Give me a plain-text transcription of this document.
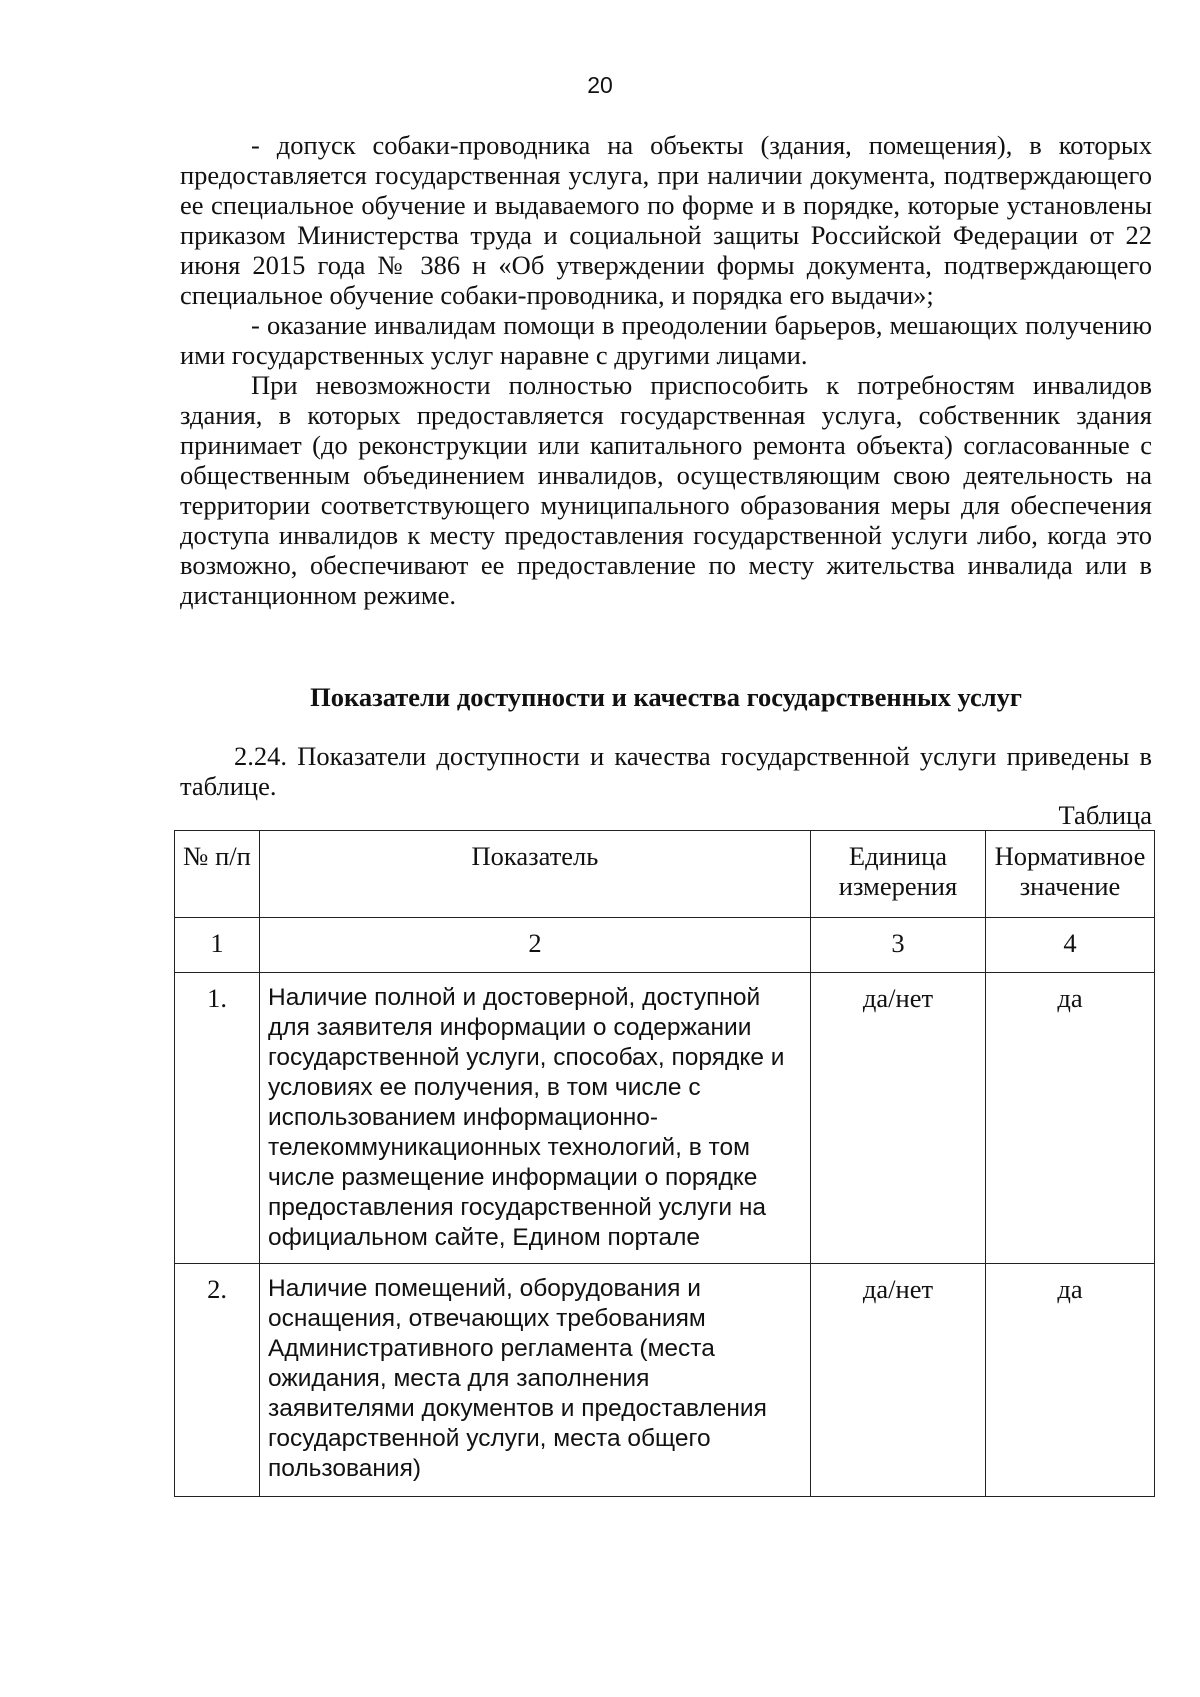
20

- допуск собаки-проводника на объекты (здания, помещения), в которых предоставляется государственная услуга, при наличии документа, подтверждающего ее специальное обучение и выдаваемого по форме и в порядке, которые установлены приказом Министерства труда и социальной защиты Российской Федерации от 22 июня 2015 года № 386 н «Об утверждении формы документа, подтверждающего специальное обучение собаки-проводника, и порядка его выдачи»;

- оказание инвалидам помощи в преодолении барьеров, мешающих получению ими государственных услуг наравне с другими лицами.

При невозможности полностью приспособить к потребностям инвалидов здания, в которых предоставляется государственная услуга, собственник здания принимает (до реконструкции или капитального ремонта объекта) согласованные с общественным объединением инвалидов, осуществляющим свою деятельность на территории соответствующего муниципального образования меры для обеспечения доступа инвалидов к месту предоставления государственной услуги либо, когда это возможно, обеспечивают ее предоставление по месту жительства инвалида или в дистанционном режиме.

Показатели доступности и качества государственных услуг

2.24. Показатели доступности и качества государственной услуги приведены в таблице.

Таблица
№ п/п	Показатель	Единица измерения	Нормативное значение
1	2	3	4
1.	Наличие полной и достоверной, доступной для заявителя информации о содержании государственной услуги, способах, порядке и условиях ее получения, в том числе с использованием информационно-телекоммуникационных технологий, в том числе размещение информации о порядке предоставления государственной услуги на официальном сайте, Едином портале	да/нет	да
2.	Наличие помещений, оборудования и оснащения, отвечающих требованиям Административного регламента (места ожидания, места для заполнения заявителями документов и предоставления государственной услуги, места общего пользования)	да/нет	да
